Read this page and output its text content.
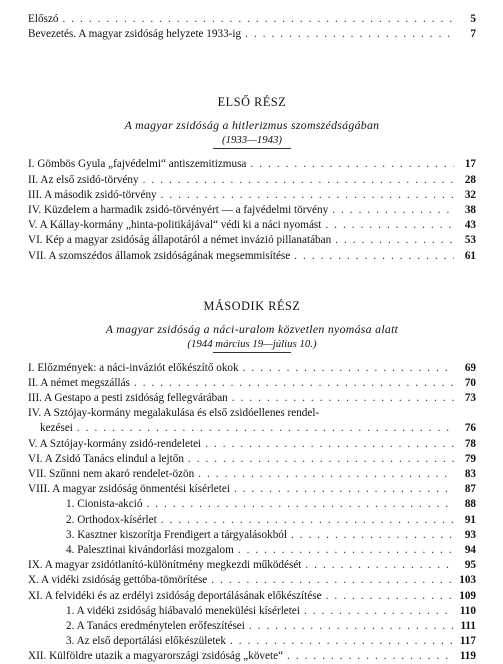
Előszó . . .	5
Bevezetés. A magyar zsidóság helyzete 1933-ig . . .	7
ELSŐ RÉSZ
A magyar zsidóság a hitlerizmus szomszédságában
(1933—1943)
I. Gömbös Gyula „fajvédelmi“ antiszemitizmusa . . .	17
II. Az első zsidó-törvény . . .	28
III. A második zsidó-törvény . . .	32
IV. Küzdelem a harmadik zsidó-törvényért — a fajvédelmi törvény . . .	38
V. A Kállay-kormány „hinta-politikájával“ védi ki a náci nyomást . . .	43
VI. Kép a magyar zsidóság állapotáról a német invázió pillanatában . . .	53
VII. A szomszédos államok zsidóságának megsemmisítése . . .	61
MÁSODIK RÉSZ
A magyar zsidóság a náci-uralom közvetlen nyomása alatt
(1944 március 19—július 10.)
I. Előzmények: a náci-inváziót előkészítő okok . . .	69
II. A német megszállás . . .	70
III. A Gestapo a pesti zsidóság fellegvárában . . .	73
IV. A Sztójay-kormány megalakulása és első zsidóellenes rendel-
kezései . . .	76
V. A Sztójay-kormány zsidó-rendeletei . . .	78
VI. A Zsidó Tanács elindul a lejtőn . . .	79
VII. Szűnni nem akaró rendelet-özön . . .	83
VIII. A magyar zsidóság önmentési kísérletei . . .	87
1. Cionista-akció . . .	88
2. Orthodox-kísérlet . . .	91
3. Kasztner kiszorítja Frendigert a tárgyalásokból . . .	93
4. Palesztinai kivándorlási mozgalom . . .	94
IX. A magyar zsidótlanító-különítmény megkezdi működését . . .	95
X. A vidéki zsidóság gettóba-tömörítése . . .	103
XI. A felvidéki és az erdélyi zsidóság deportálásának előkészítése . . .	109
1. A vidéki zsidóság hiábavaló menekülési kísérletei . . .	110
2. A Tanács eredménytelen erőfeszítései . . .	111
3. Az első deportálási előkészületek . . .	117
XII. Külföldre utazik a magyarországi zsidóság „követe“ . . .	119
